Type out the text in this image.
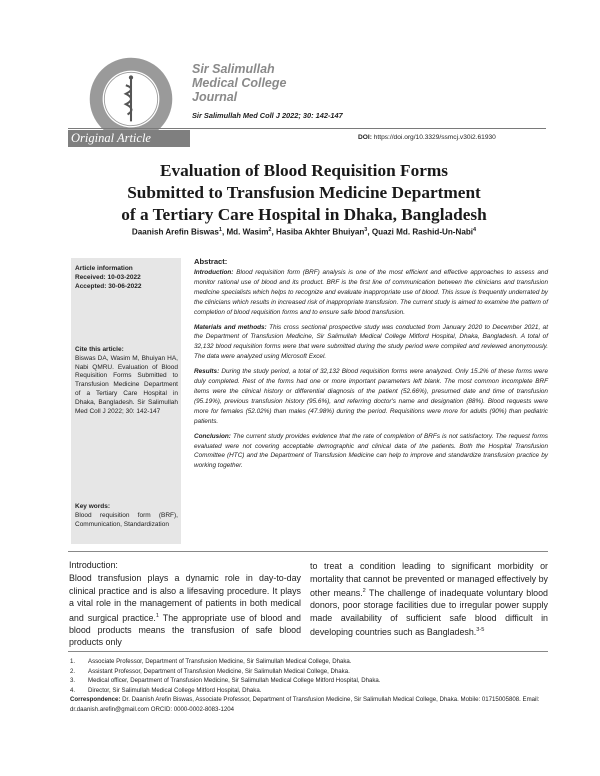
Sir Salimullah
Medical College
Journal
Sir Salimullah Med Coll J 2022; 30: 142-147
Original Article	DOI: https://doi.org/10.3329/ssmcj.v30i2.61930
Evaluation of Blood Requisition Forms
Submitted to Transfusion Medicine Department
of a Tertiary Care Hospital in Dhaka, Bangladesh
Daanish Arefin Biswas$^1$, Md. Wasim$^2$, Hasiba Akhter Bhuiyan$^3$, Quazi Md. Rashid-Un-Nabi$^4$
Article information
Received: 10-03-2022
Accepted: 30-06-2022
Cite this article:
Biswas DA, Wasim M, Bhuiyan HA, Nabi QMRU. Evaluation of Blood Requisition Forms Submitted to Transfusion Medicine Department of a Tertiary Care Hospital in Dhaka, Bangladesh. Sir Salimullah Med Coll J 2022; 30: 142-147
Key words:
Blood requisition form (BRF), Communication, Standardization
Abstract:

Introduction: Blood requisition form (BRF) analysis is one of the most efficient and effective approaches to assess and monitor rational use of blood and its product. BRF is the first line of communication between the clinicians and transfusion medicine specialists which helps to recognize and evaluate inappropriate use of blood. This issue is frequently underrated by the clinicians which results in increased risk of inappropriate transfusion. The current study is aimed to examine the pattern of completion of blood requisition forms and to ensure safe blood transfusion.

Materials and methods: This cross sectional prospective study was conducted from January 2020 to December 2021, at the Department of Transfusion Medicine, Sir Salimullah Medical College Mitford Hospital, Dhaka, Bangladesh. A total of 32,132 blood requisition forms were that were submitted during the study period were compiled and reviewed anonymously. The data were analyzed using Microsoft Excel.

Results: During the study period, a total of 32,132 Blood requisition forms were analyzed. Only 15.2% of these forms were duly completed. Rest of the forms had one or more important parameters left blank. The most common incomplete BRF items were the clinical history or differential diagnosis of the patient (52.66%), presumed date and time of transfusion (95.19%), previous transfusion history (95.6%), and referring doctor's name and designation (88%). Blood requests were more for females (52.02%) than males (47.98%) during the period. Requisitions were more for adults (90%) than pediatric patients.

Conclusion: The current study provides evidence that the rate of completion of BRFs is not satisfactory. The request forms evaluated were not covering acceptable demographic and clinical data of the patients. Both the Hospital Transfusion Committee (HTC) and the Department of Transfusion Medicine can help to improve and standardize transfusion practice by working together.

Introduction:
Blood transfusion plays a dynamic role in day-to-day clinical practice and is also a lifesaving procedure. It plays a vital role in the management of patients in both medical and surgical practice.$^1$ The appropriate use of blood and blood products means the transfusion of safe blood products only
to treat a condition leading to significant morbidity or mortality that cannot be prevented or managed effectively by other means.$^2$ The challenge of inadequate voluntary blood donors, poor storage facilities due to irregular power supply made availability of sufficient safe blood difficult in developing countries such as Bangladesh.$^{3-5}$
1.	Associate Professor, Department of Transfusion Medicine, Sir Salimullah Medical College, Dhaka.
2.	Assistant Professor, Department of Transfusion Medicine, Sir Salimullah Medical College, Dhaka.
3.	Medical officer, Department of Transfusion Medicine, Sir Salimullah Medical College Mitford Hospital, Dhaka.
4.	Director, Sir Salimullah Medical College Mitford Hospital, Dhaka.
Correspondence: Dr. Daanish Arefin Biswas, Associate Professor, Department of Transfusion Medicine, Sir Salimullah Medical College, Dhaka. Mobile: 01715005808. Email: dr.daanish.arefin@gmail.com ORCID: 0000-0002-8083-1204
